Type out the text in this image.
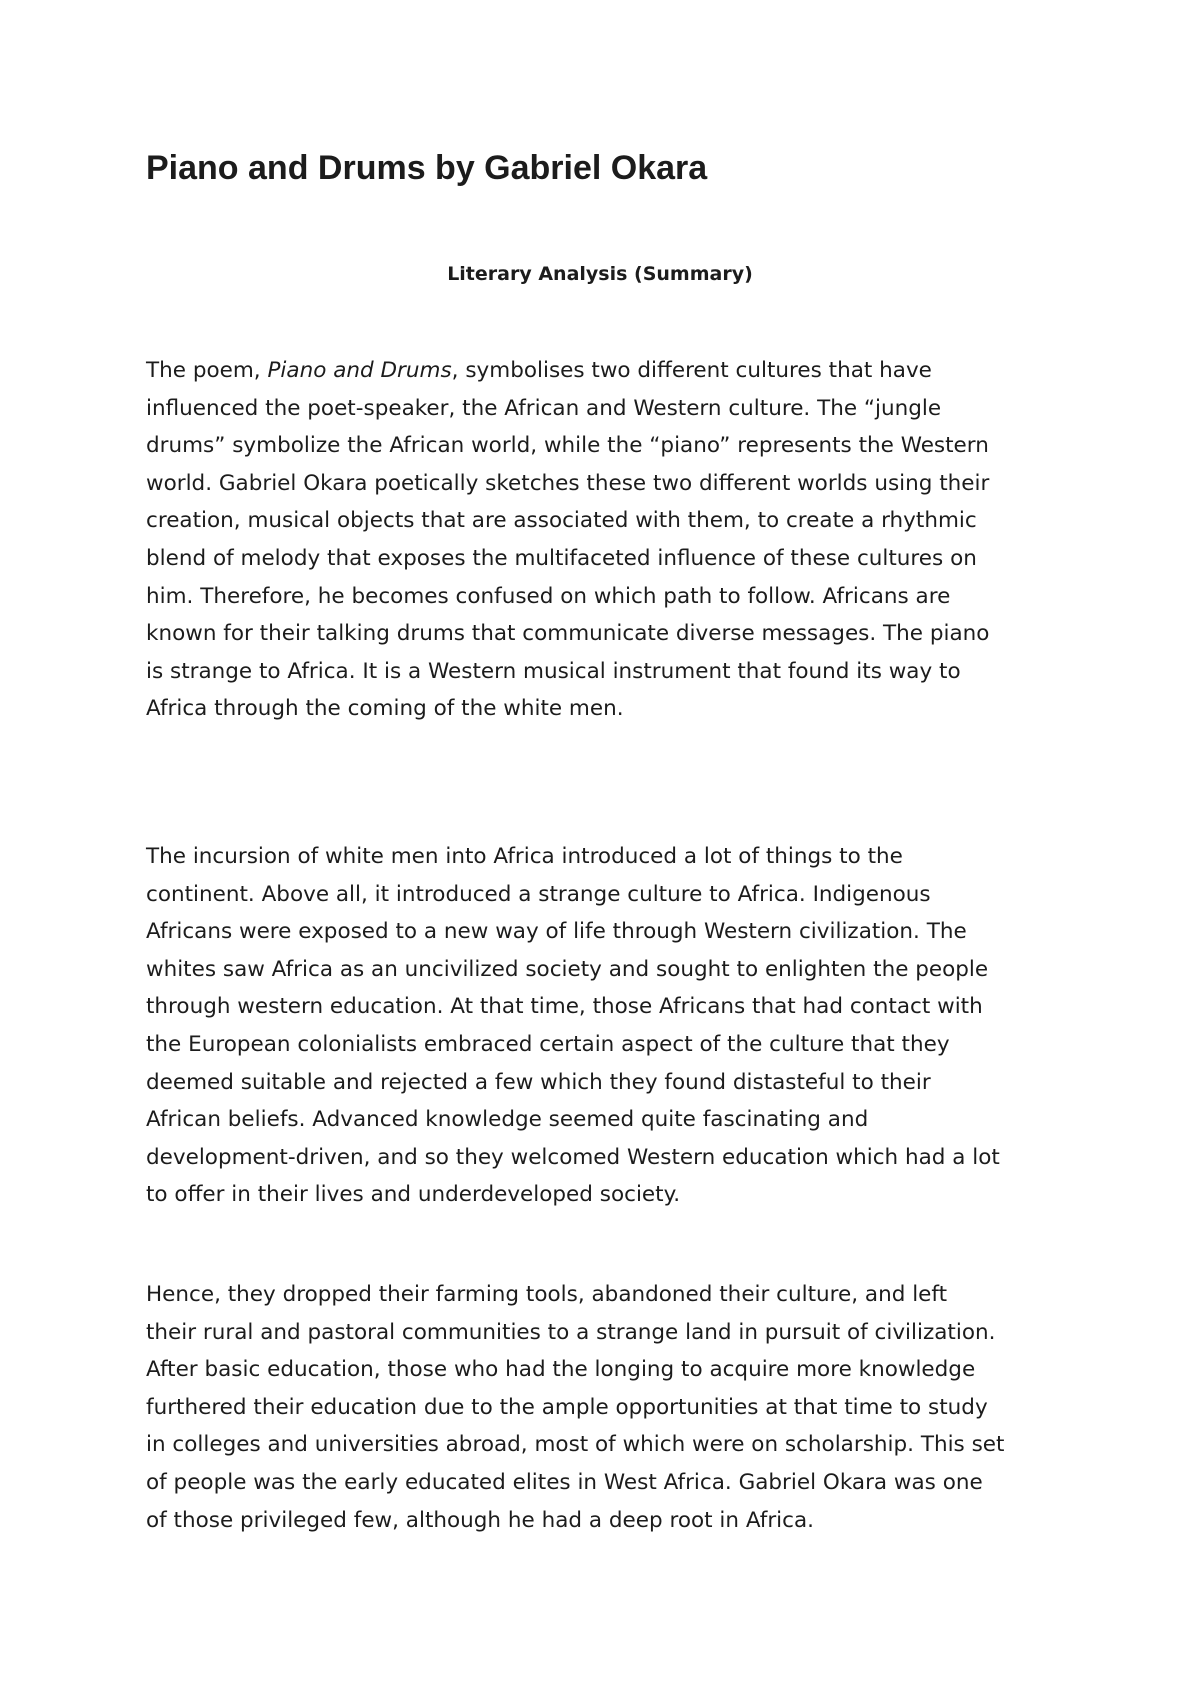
Piano and Drums by Gabriel Okara
Literary Analysis (Summary)
The poem, Piano and Drums, symbolises two different cultures that have
influenced the poet-speaker, the African and Western culture. The “jungle
drums” symbolize the African world, while the “piano” represents the Western
world. Gabriel Okara poetically sketches these two different worlds using their
creation, musical objects that are associated with them, to create a rhythmic
blend of melody that exposes the multifaceted influence of these cultures on
him. Therefore, he becomes confused on which path to follow. Africans are
known for their talking drums that communicate diverse messages. The piano
is strange to Africa. It is a Western musical instrument that found its way to
Africa through the coming of the white men.
The incursion of white men into Africa introduced a lot of things to the
continent. Above all, it introduced a strange culture to Africa. Indigenous
Africans were exposed to a new way of life through Western civilization. The
whites saw Africa as an uncivilized society and sought to enlighten the people
through western education. At that time, those Africans that had contact with
the European colonialists embraced certain aspect of the culture that they
deemed suitable and rejected a few which they found distasteful to their
African beliefs. Advanced knowledge seemed quite fascinating and
development-driven, and so they welcomed Western education which had a lot
to offer in their lives and underdeveloped society.
Hence, they dropped their farming tools, abandoned their culture, and left
their rural and pastoral communities to a strange land in pursuit of civilization.
After basic education, those who had the longing to acquire more knowledge
furthered their education due to the ample opportunities at that time to study
in colleges and universities abroad, most of which were on scholarship. This set
of people was the early educated elites in West Africa. Gabriel Okara was one
of those privileged few, although he had a deep root in Africa.
